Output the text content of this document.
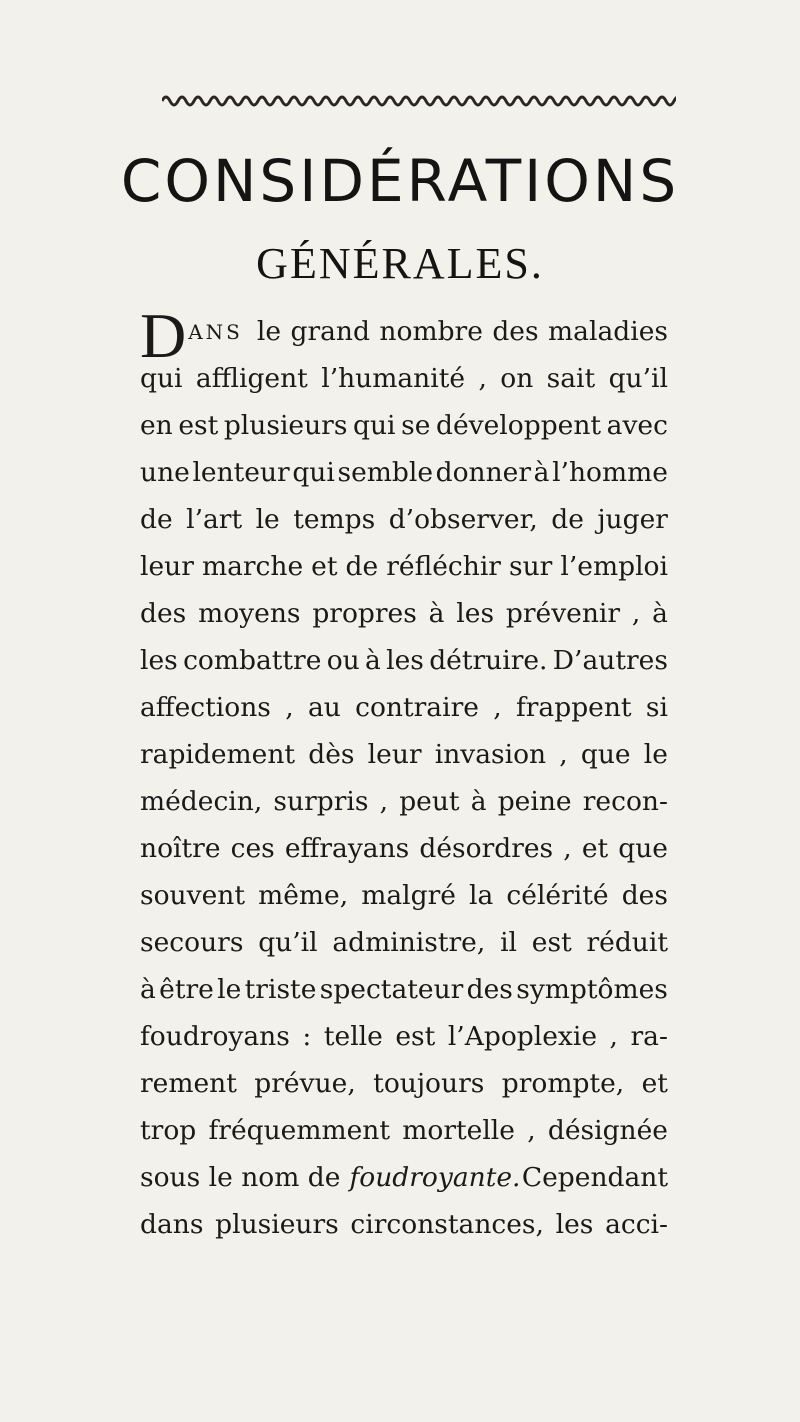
CONSIDÉRATIONS
GÉNÉRALES.
D ANS le grand nombre des maladies
qui affligent l’humanité , on sait qu’il
en est plusieurs qui se développent avec
une lenteur qui semble donner à l’homme
de l’art le temps d’observer, de juger
leur marche et de réfléchir sur l’emploi
des moyens propres à les prévenir , à
les combattre ou à les détruire. D’autres
affections , au contraire , frappent si
rapidement dès leur invasion , que le
médecin, surpris , peut à peine recon-
noître ces effrayans désordres , et que
souvent même, malgré la célérité des
secours qu’il administre, il est réduit
à être le triste spectateur des symptômes
foudroyans : telle est l’Apoplexie , ra-
rement prévue, toujours prompte, et
trop fréquemment mortelle , désignée
sous le nom de foudroyante. Cependant
dans plusieurs circonstances, les acci-
